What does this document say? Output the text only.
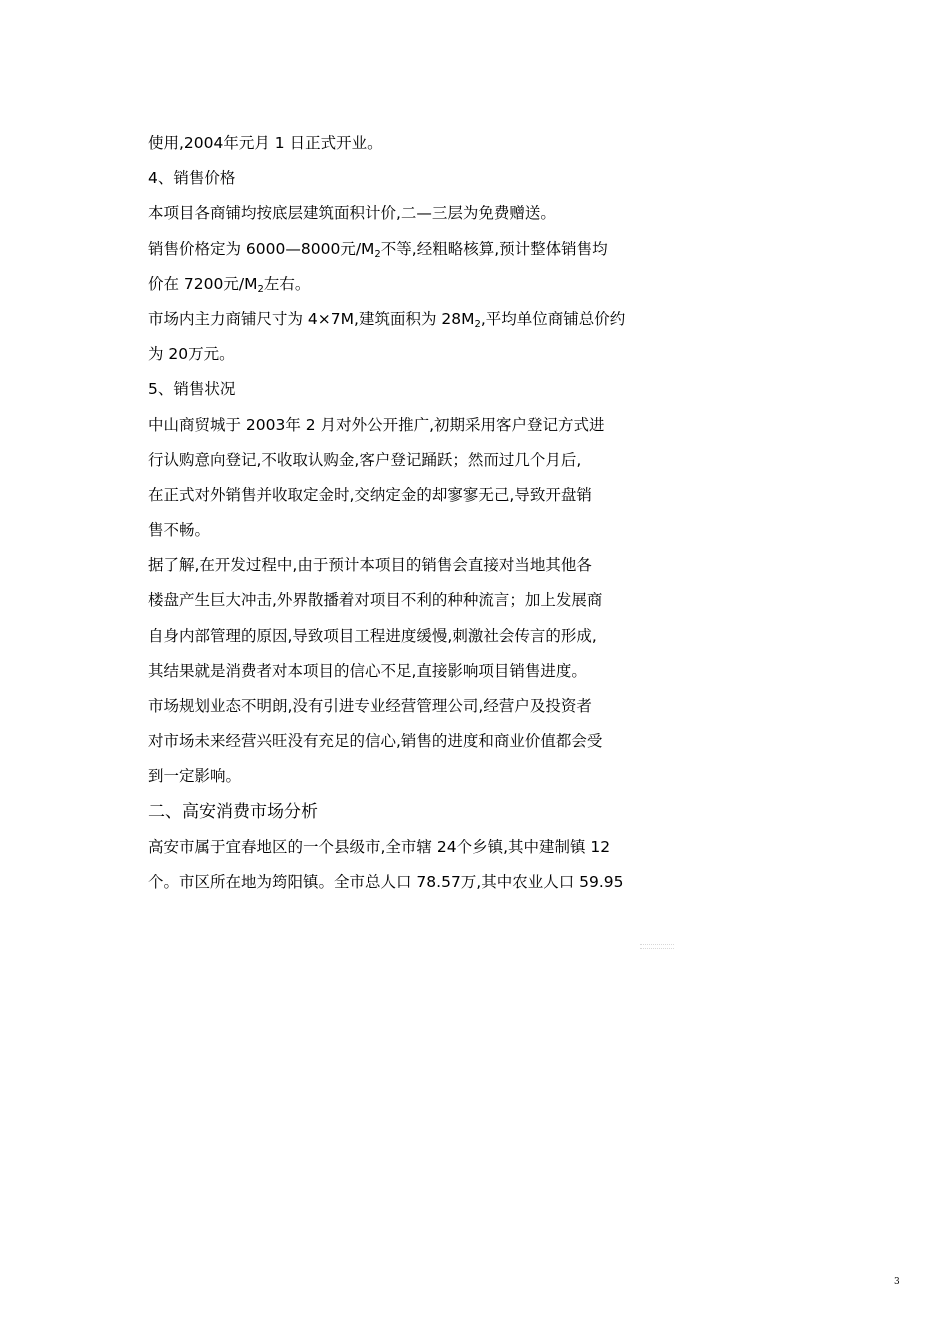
使用,2004年元月 1 日正式开业。
4、销售价格
本项目各商铺均按底层建筑面积计价,二—三层为免费赠送。
销售价格定为 6000—8000元$/M_2$不等,经粗略核算,预计整体销售均
价在 7200元$/M_2$左右。
市场内主力商铺尺寸为 4×7M,建筑面积为 $28M_2$,平均单位商铺总价约
为 20万元。
5、销售状况
中山商贸城于 2003年 2 月对外公开推广,初期采用客户登记方式进
行认购意向登记,不收取认购金,客户登记踊跃；然而过几个月后,
在正式对外销售并收取定金时,交纳定金的却寥寥无己,导致开盘销
售不畅。
据了解,在开发过程中,由于预计本项目的销售会直接对当地其他各
楼盘产生巨大冲击,外界散播着对项目不利的种种流言；加上发展商
自身内部管理的原因,导致项目工程进度缓慢,刺激社会传言的形成,
其结果就是消费者对本项目的信心不足,直接影响项目销售进度。
市场规划业态不明朗,没有引进专业经营管理公司,经营户及投资者
对市场未来经营兴旺没有充足的信心,销售的进度和商业价值都会受
到一定影响。
二、高安消费市场分析
高安市属于宜春地区的一个县级市,全市辖 24个乡镇,其中建制镇 12
个。市区所在地为筠阳镇。全市总人口 78.57万,其中农业人口 59.95
3
